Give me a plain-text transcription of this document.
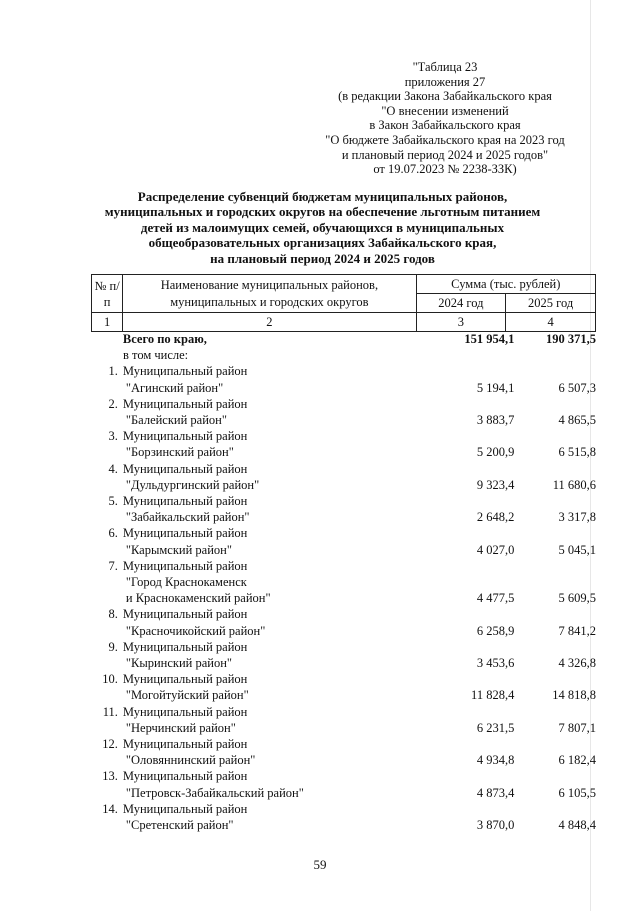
"Таблица 23
приложения 27
(в редакции Закона Забайкальского края
"О внесении изменений
в Закон Забайкальского края
"О бюджете Забайкальского края на 2023 год
и плановый период 2024 и 2025 годов"
от 19.07.2023 № 2238-ЗЗК)
Распределение субвенций бюджетам муниципальных районов,
муниципальных и городских округов на обеспечение льготным питанием
детей из малоимущих семей, обучающихся в муниципальных
общеобразовательных организациях Забайкальского края,
на плановый период 2024 и 2025 годов
№ п/п	Наименование муниципальных районов,
муниципальных и городских округов	Сумма (тыс. рублей)	
		2024 год	2025 год
1	2	3	4
Всего по краю,	151 954,1	190 371,5
в том числе:
1. Муниципальный район
"Агинский район"	5 194,1	6 507,3
2. Муниципальный район
"Балейский район"	3 883,7	4 865,5
3. Муниципальный район
"Борзинский район"	5 200,9	6 515,8
4. Муниципальный район
"Дульдургинский район"	9 323,4	11 680,6
5. Муниципальный район
"Забайкальский район"	2 648,2	3 317,8
6. Муниципальный район
"Карымский район"	4 027,0	5 045,1
7. Муниципальный район
"Город Краснокаменск
и Краснокаменский район"	4 477,5	5 609,5
8. Муниципальный район
"Красночикойский район"	6 258,9	7 841,2
9. Муниципальный район
"Кыринский район"	3 453,6	4 326,8
10. Муниципальный район
"Могойтуйский район"	11 828,4	14 818,8
11. Муниципальный район
"Нерчинский район"	6 231,5	7 807,1
12. Муниципальный район
"Оловяннинский район"	4 934,8	6 182,4
13. Муниципальный район
"Петровск-Забайкальский район"	4 873,4	6 105,5
14. Муниципальный район
"Сретенский район"	3 870,0	4 848,4
59
